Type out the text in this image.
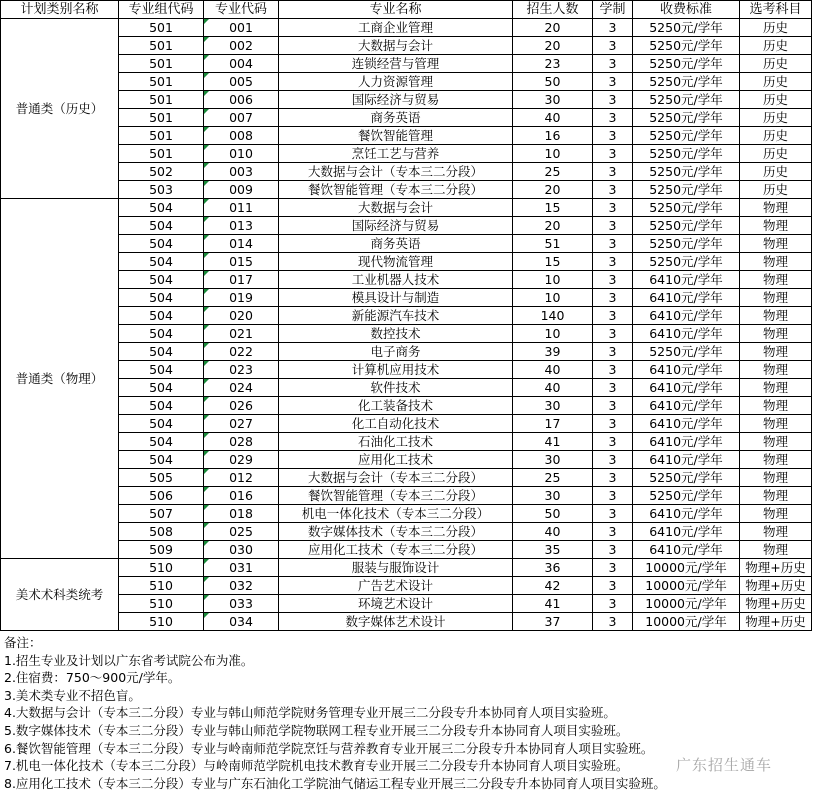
计划类别名称	专业组代码	专业代码	专业名称	招生人数	学制	收费标准	选考科目
普通类（历史）	501	001	工商企业管理	20	3	5250元/学年	历史
	501	002	大数据与会计	20	3	5250元/学年	历史
	501	004	连锁经营与管理	23	3	5250元/学年	历史
	501	005	人力资源管理	50	3	5250元/学年	历史
	501	006	国际经济与贸易	30	3	5250元/学年	历史
	501	007	商务英语	40	3	5250元/学年	历史
	501	008	餐饮智能管理	16	3	5250元/学年	历史
	501	010	烹饪工艺与营养	10	3	5250元/学年	历史
	502	003	大数据与会计（专本三二分段）	25	3	5250元/学年	历史
	503	009	餐饮智能管理（专本三二分段）	20	3	5250元/学年	历史
普通类（物理）	504	011	大数据与会计	15	3	5250元/学年	物理
	504	013	国际经济与贸易	20	3	5250元/学年	物理
	504	014	商务英语	51	3	5250元/学年	物理
	504	015	现代物流管理	15	3	5250元/学年	物理
	504	017	工业机器人技术	10	3	6410元/学年	物理
	504	019	模具设计与制造	10	3	6410元/学年	物理
	504	020	新能源汽车技术	140	3	6410元/学年	物理
	504	021	数控技术	10	3	6410元/学年	物理
	504	022	电子商务	39	3	5250元/学年	物理
	504	023	计算机应用技术	40	3	6410元/学年	物理
	504	024	软件技术	40	3	6410元/学年	物理
	504	026	化工装备技术	30	3	6410元/学年	物理
	504	027	化工自动化技术	17	3	6410元/学年	物理
	504	028	石油化工技术	41	3	6410元/学年	物理
	504	029	应用化工技术	30	3	6410元/学年	物理
	505	012	大数据与会计（专本三二分段）	25	3	5250元/学年	物理
	506	016	餐饮智能管理（专本三二分段）	30	3	5250元/学年	物理
	507	018	机电一体化技术（专本三二分段）	50	3	6410元/学年	物理
	508	025	数字媒体技术（专本三二分段）	40	3	6410元/学年	物理
	509	030	应用化工技术（专本三二分段）	35	3	6410元/学年	物理
美术术科类统考	510	031	服装与服饰设计	36	3	10000元/学年	物理+历史
	510	032	广告艺术设计	42	3	10000元/学年	物理+历史
	510	033	环境艺术设计	41	3	10000元/学年	物理+历史
	510	034	数字媒体艺术设计	37	3	10000元/学年	物理+历史
备注：
1.招生专业及计划以广东省考试院公布为准。
2.住宿费：750～900元/学年。
3.美术类专业不招色盲。
4.大数据与会计（专本三二分段）专业与韩山师范学院财务管理专业开展三二分段专升本协同育人项目实验班。
5.数字媒体技术（专本三二分段）专业与韩山师范学院物联网工程专业开展三二分段专升本协同育人项目实验班。
6.餐饮智能管理（专本三二分段）专业与岭南师范学院烹饪与营养教育专业开展三二分段专升本协同育人项目实验班。
7.机电一体化技术（专本三二分段）与岭南师范学院机电技术教育专业开展三二分段专升本协同育人项目实验班。
8.应用化工技术（专本三二分段）专业与广东石油化工学院油气储运工程专业开展三二分段专升本协同育人项目实验班。
广东招生通车
